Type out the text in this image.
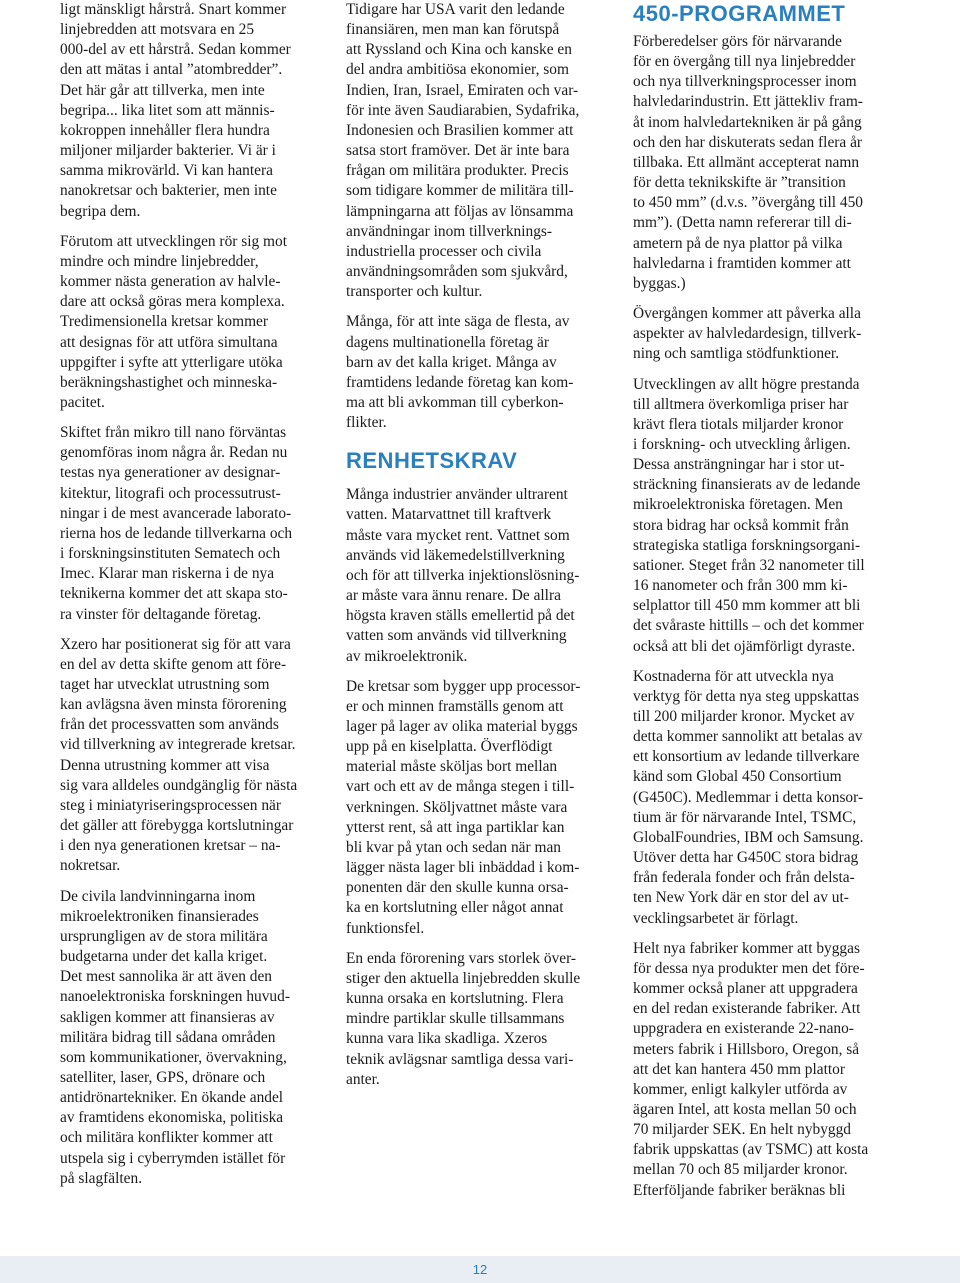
ligt mänskligt hårstrå. Snart kommer
linjebredden att motsvara en 25
000-del av ett hårstrå. Sedan kommer
den att mätas i antal ”atombredder”.
Det här går att tillverka, men inte
begripa... lika litet som att männis-
kokroppen innehåller flera hundra
miljoner miljarder bakterier. Vi är i
samma mikrovärld. Vi kan hantera
nanokretsar och bakterier, men inte
begripa dem.

Förutom att utvecklingen rör sig mot
mindre och mindre linjebredder,
kommer nästa generation av halvle-
dare att också göras mera komplexa.
Tredimensionella kretsar kommer
att designas för att utföra simultana
uppgifter i syfte att ytterligare utöka
beräkningshastighet och minneska-
pacitet.

Skiftet från mikro till nano förväntas
genomföras inom några år. Redan nu
testas nya generationer av designar-
kitektur, litografi och processutrust-
ningar i de mest avancerade laborato-
rierna hos de ledande tillverkarna och
i forskningsinstituten Sematech och
Imec. Klarar man riskerna i de nya
teknikerna kommer det att skapa sto-
ra vinster för deltagande företag.

Xzero har positionerat sig för att vara
en del av detta skifte genom att före-
taget har utvecklat utrustning som
kan avlägsna även minsta förorening
från det processvatten som används
vid tillverkning av integrerade kretsar.
Denna utrustning kommer att visa
sig vara alldeles oundgänglig för nästa
steg i miniatyriseringsprocessen när
det gäller att förebygga kortslutningar
i den nya generationen kretsar – na-
nokretsar.

De civila landvinningarna inom
mikroelektroniken finansierades
ursprungligen av de stora militära
budgetarna under det kalla kriget.
Det mest sannolika är att även den
nanoelektroniska forskningen huvud-
sakligen kommer att finansieras av
militära bidrag till sådana områden
som kommunikationer, övervakning,
satelliter, laser, GPS, drönare och
antidrönartekniker. En ökande andel
av framtidens ekonomiska, politiska
och militära konflikter kommer att
utspela sig i cyberrymden istället för
på slagfälten.

Tidigare har USA varit den ledande
finansiären, men man kan förutspå
att Ryssland och Kina och kanske en
del andra ambitiösa ekonomier, som
Indien, Iran, Israel, Emiraten och var-
för inte även Saudiarabien, Sydafrika,
Indonesien och Brasilien kommer att
satsa stort framöver. Det är inte bara
frågan om militära produkter. Precis
som tidigare kommer de militära till-
lämpningarna att följas av lönsamma
användningar inom tillverknings-
industriella processer och civila
användningsområden som sjukvård,
transporter och kultur.

Många, för att inte säga de flesta, av
dagens multinationella företag är
barn av det kalla kriget. Många av
framtidens ledande företag kan kom-
ma att bli avkomman till cyberkon-
flikter.

RENHETSKRAV

Många industrier använder ultrarent
vatten. Matarvattnet till kraftverk
måste vara mycket rent. Vattnet som
används vid läkemedelstillverkning
och för att tillverka injektionslösning-
ar måste vara ännu renare. De allra
högsta kraven ställs emellertid på det
vatten som används vid tillverkning
av mikroelektronik.

De kretsar som bygger upp processor-
er och minnen framställs genom att
lager på lager av olika material byggs
upp på en kiselplatta. Överflödigt
material måste sköljas bort mellan
vart och ett av de många stegen i till-
verkningen. Sköljvattnet måste vara
ytterst rent, så att inga partiklar kan
bli kvar på ytan och sedan när man
lägger nästa lager bli inbäddad i kom-
ponenten där den skulle kunna orsa-
ka en kortslutning eller något annat
funktionsfel.

En enda förorening vars storlek över-
stiger den aktuella linjebredden skulle
kunna orsaka en kortslutning. Flera
mindre partiklar skulle tillsammans
kunna vara lika skadliga. Xzeros
teknik avlägsnar samtliga dessa vari-
anter.

450-PROGRAMMET

Förberedelser görs för närvarande
för en övergång till nya linjebredder
och nya tillverkningsprocesser inom
halvledarindustrin. Ett jättekliv fram-
åt inom halvledartekniken är på gång
och den har diskuterats sedan flera år
tillbaka. Ett allmänt accepterat namn
för detta teknikskifte är ”transition
to 450 mm” (d.v.s. ”övergång till 450
mm”). (Detta namn refererar till di-
ametern på de nya plattor på vilka
halvledarna i framtiden kommer att
byggas.)

Övergången kommer att påverka alla
aspekter av halvledardesign, tillverk-
ning och samtliga stödfunktioner.

Utvecklingen av allt högre prestanda
till alltmera överkomliga priser har
krävt flera tiotals miljarder kronor
i forskning- och utveckling årligen.
Dessa ansträngningar har i stor ut-
sträckning finansierats av de ledande
mikroelektroniska företagen. Men
stora bidrag har också kommit från
strategiska statliga forskningsorgani-
sationer. Steget från 32 nanometer till
16 nanometer och från 300 mm ki-
selplattor till 450 mm kommer att bli
det svåraste hittills – och det kommer
också att bli det ojämförligt dyraste.

Kostnaderna för att utveckla nya
verktyg för detta nya steg uppskattas
till 200 miljarder kronor. Mycket av
detta kommer sannolikt att betalas av
ett konsortium av ledande tillverkare
känd som Global 450 Consortium
(G450C). Medlemmar i detta konsor-
tium är för närvarande Intel, TSMC,
GlobalFoundries, IBM och Samsung.
Utöver detta har G450C stora bidrag
från federala fonder och från delsta-
ten New York där en stor del av ut-
vecklingsarbetet är förlagt.

Helt nya fabriker kommer att byggas
för dessa nya produkter men det före-
kommer också planer att uppgradera
en del redan existerande fabriker. Att
uppgradera en existerande 22-nano-
meters fabrik i Hillsboro, Oregon, så
att det kan hantera 450 mm plattor
kommer, enligt kalkyler utförda av
ägaren Intel, att kosta mellan 50 och
70 miljarder SEK. En helt nybyggd
fabrik uppskattas (av TSMC) att kosta
mellan 70 och 85 miljarder kronor.
Efterföljande fabriker beräknas bli

12
